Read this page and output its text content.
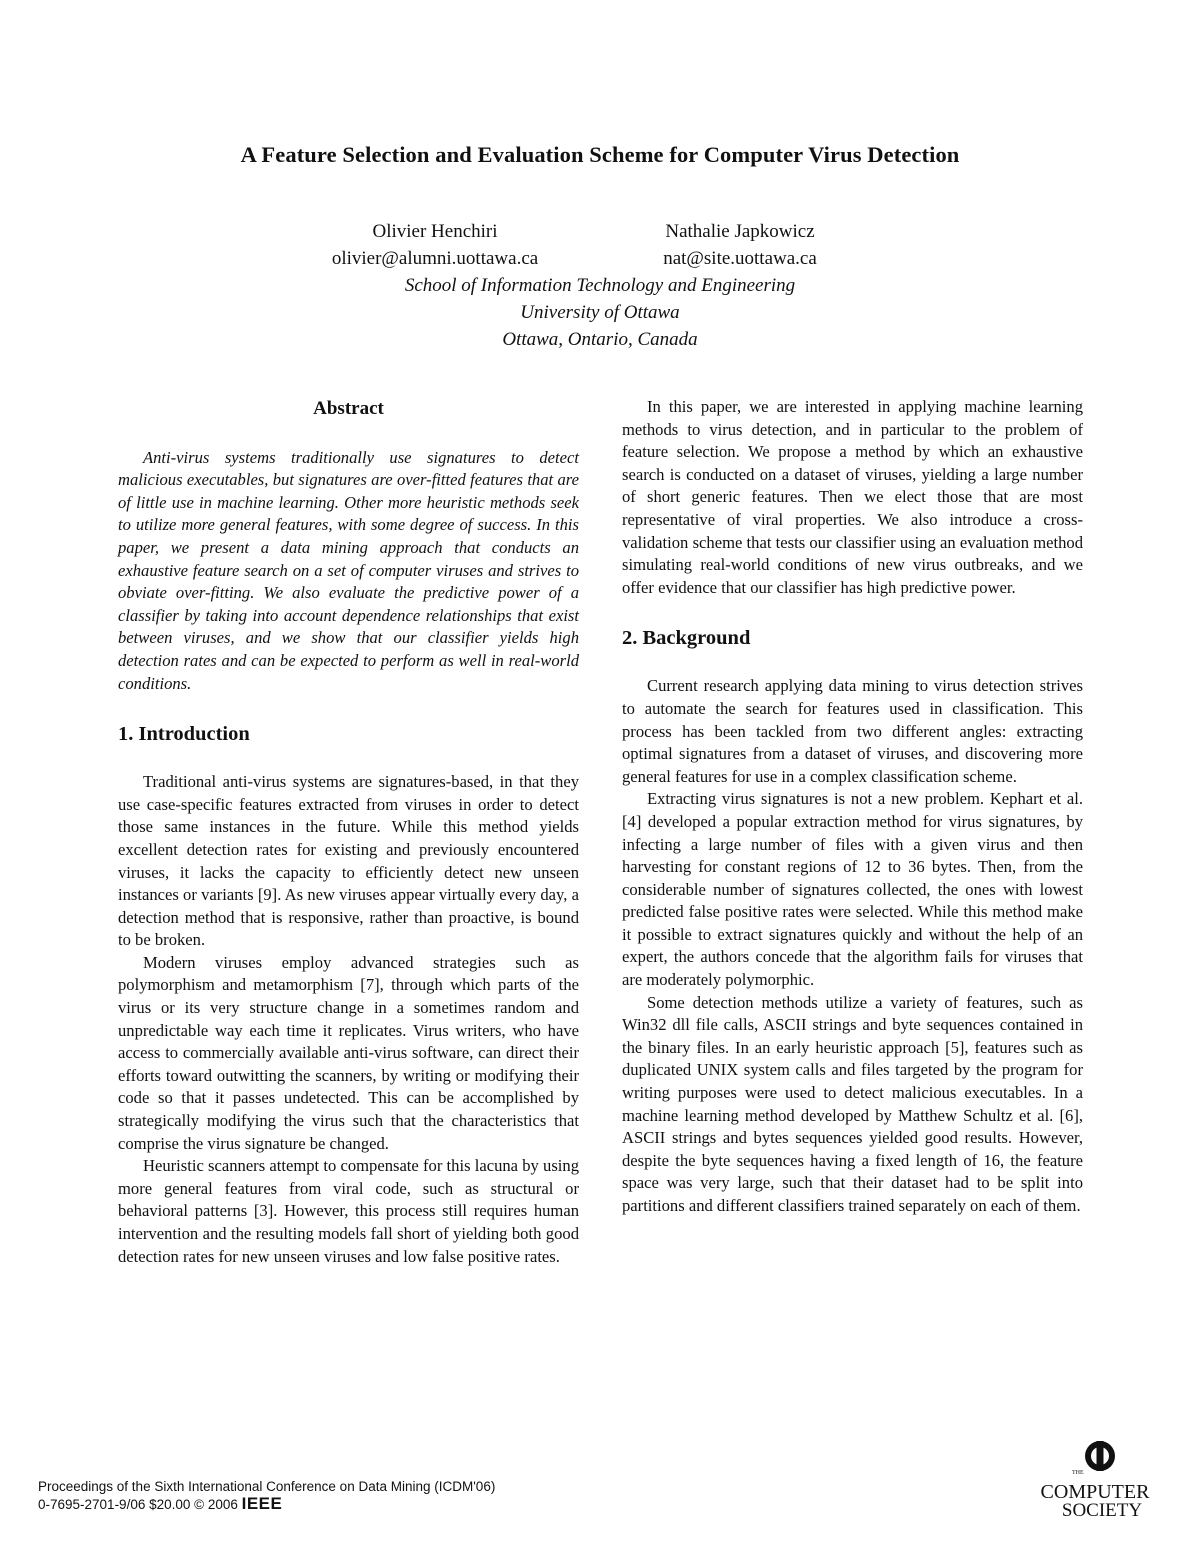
A Feature Selection and Evaluation Scheme for Computer Virus Detection
Olivier Henchiri
olivier@alumni.uottawa.ca
Nathalie Japkowicz
nat@site.uottawa.ca
School of Information Technology and Engineering
University of Ottawa
Ottawa, Ontario, Canada
Abstract

Anti-virus systems traditionally use signatures to detect malicious executables, but signatures are over-fitted features that are of little use in machine learning. Other more heuristic methods seek to utilize more general features, with some degree of success. In this paper, we present a data mining approach that conducts an exhaustive feature search on a set of computer viruses and strives to obviate over-fitting. We also evaluate the predictive power of a classifier by taking into account dependence relationships that exist between viruses, and we show that our classifier yields high detection rates and can be expected to perform as well in real-world conditions.

1. Introduction

Traditional anti-virus systems are signatures-based, in that they use case-specific features extracted from viruses in order to detect those same instances in the future. While this method yields excellent detection rates for existing and previously encountered viruses, it lacks the capacity to efficiently detect new unseen instances or variants [9]. As new viruses appear virtually every day, a detection method that is responsive, rather than proactive, is bound to be broken.

Modern viruses employ advanced strategies such as polymorphism and metamorphism [7], through which parts of the virus or its very structure change in a sometimes random and unpredictable way each time it replicates. Virus writers, who have access to commercially available anti-virus software, can direct their efforts toward outwitting the scanners, by writing or modifying their code so that it passes undetected. This can be accomplished by strategically modifying the virus such that the characteristics that comprise the virus signature be changed.

Heuristic scanners attempt to compensate for this lacuna by using more general features from viral code, such as structural or behavioral patterns [3]. However, this process still requires human intervention and the resulting models fall short of yielding both good detection rates for new unseen viruses and low false positive rates.

In this paper, we are interested in applying machine learning methods to virus detection, and in particular to the problem of feature selection. We propose a method by which an exhaustive search is conducted on a dataset of viruses, yielding a large number of short generic features. Then we elect those that are most representative of viral properties. We also introduce a cross-validation scheme that tests our classifier using an evaluation method simulating real-world conditions of new virus outbreaks, and we offer evidence that our classifier has high predictive power.

2. Background

Current research applying data mining to virus detection strives to automate the search for features used in classification. This process has been tackled from two different angles: extracting optimal signatures from a dataset of viruses, and discovering more general features for use in a complex classification scheme.

Extracting virus signatures is not a new problem. Kephart et al. [4] developed a popular extraction method for virus signatures, by infecting a large number of files with a given virus and then harvesting for constant regions of 12 to 36 bytes. Then, from the considerable number of signatures collected, the ones with lowest predicted false positive rates were selected. While this method make it possible to extract signatures quickly and without the help of an expert, the authors concede that the algorithm fails for viruses that are moderately polymorphic.

Some detection methods utilize a variety of features, such as Win32 dll file calls, ASCII strings and byte sequences contained in the binary files. In an early heuristic approach [5], features such as duplicated UNIX system calls and files targeted by the program for writing purposes were used to detect malicious executables. In a machine learning method developed by Matthew Schultz et al. [6], ASCII strings and bytes sequences yielded good results. However, despite the byte sequences having a fixed length of 16, the feature space was very large, such that their dataset had to be split into partitions and different classifiers trained separately on each of them.

Proceedings of the Sixth International Conference on Data Mining (ICDM'06)
0-7695-2701-9/06 $20.00 © 2006 IEEE
THE
COMPUTER
SOCIETY
